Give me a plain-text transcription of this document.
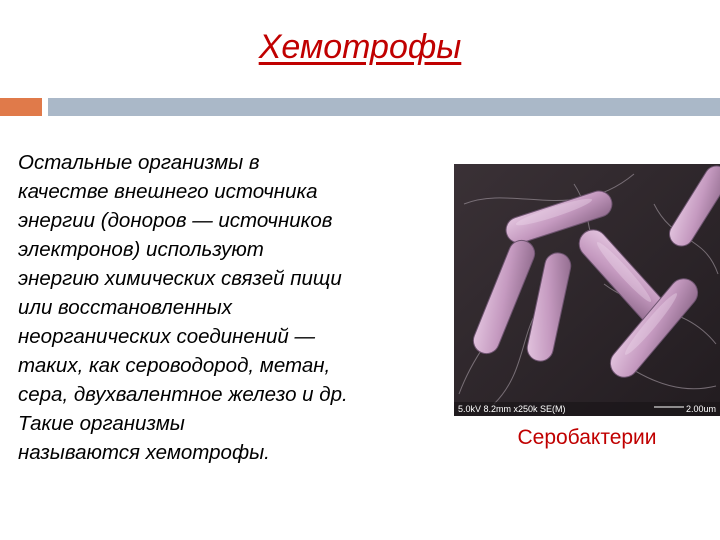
Хемотрофы

Остальные организмы в
качестве внешнего источника
энергии (доноров — источников
электронов) используют
энергию химических связей пищи
или восстановленных
неорганических соединений —
таких, как сероводород, метан,
сера, двухвалентное железо и др.
Такие организмы
называются хемотрофы.

5.0kV 8.2mm x250k SE(M)	2.00um

Серобактерии
